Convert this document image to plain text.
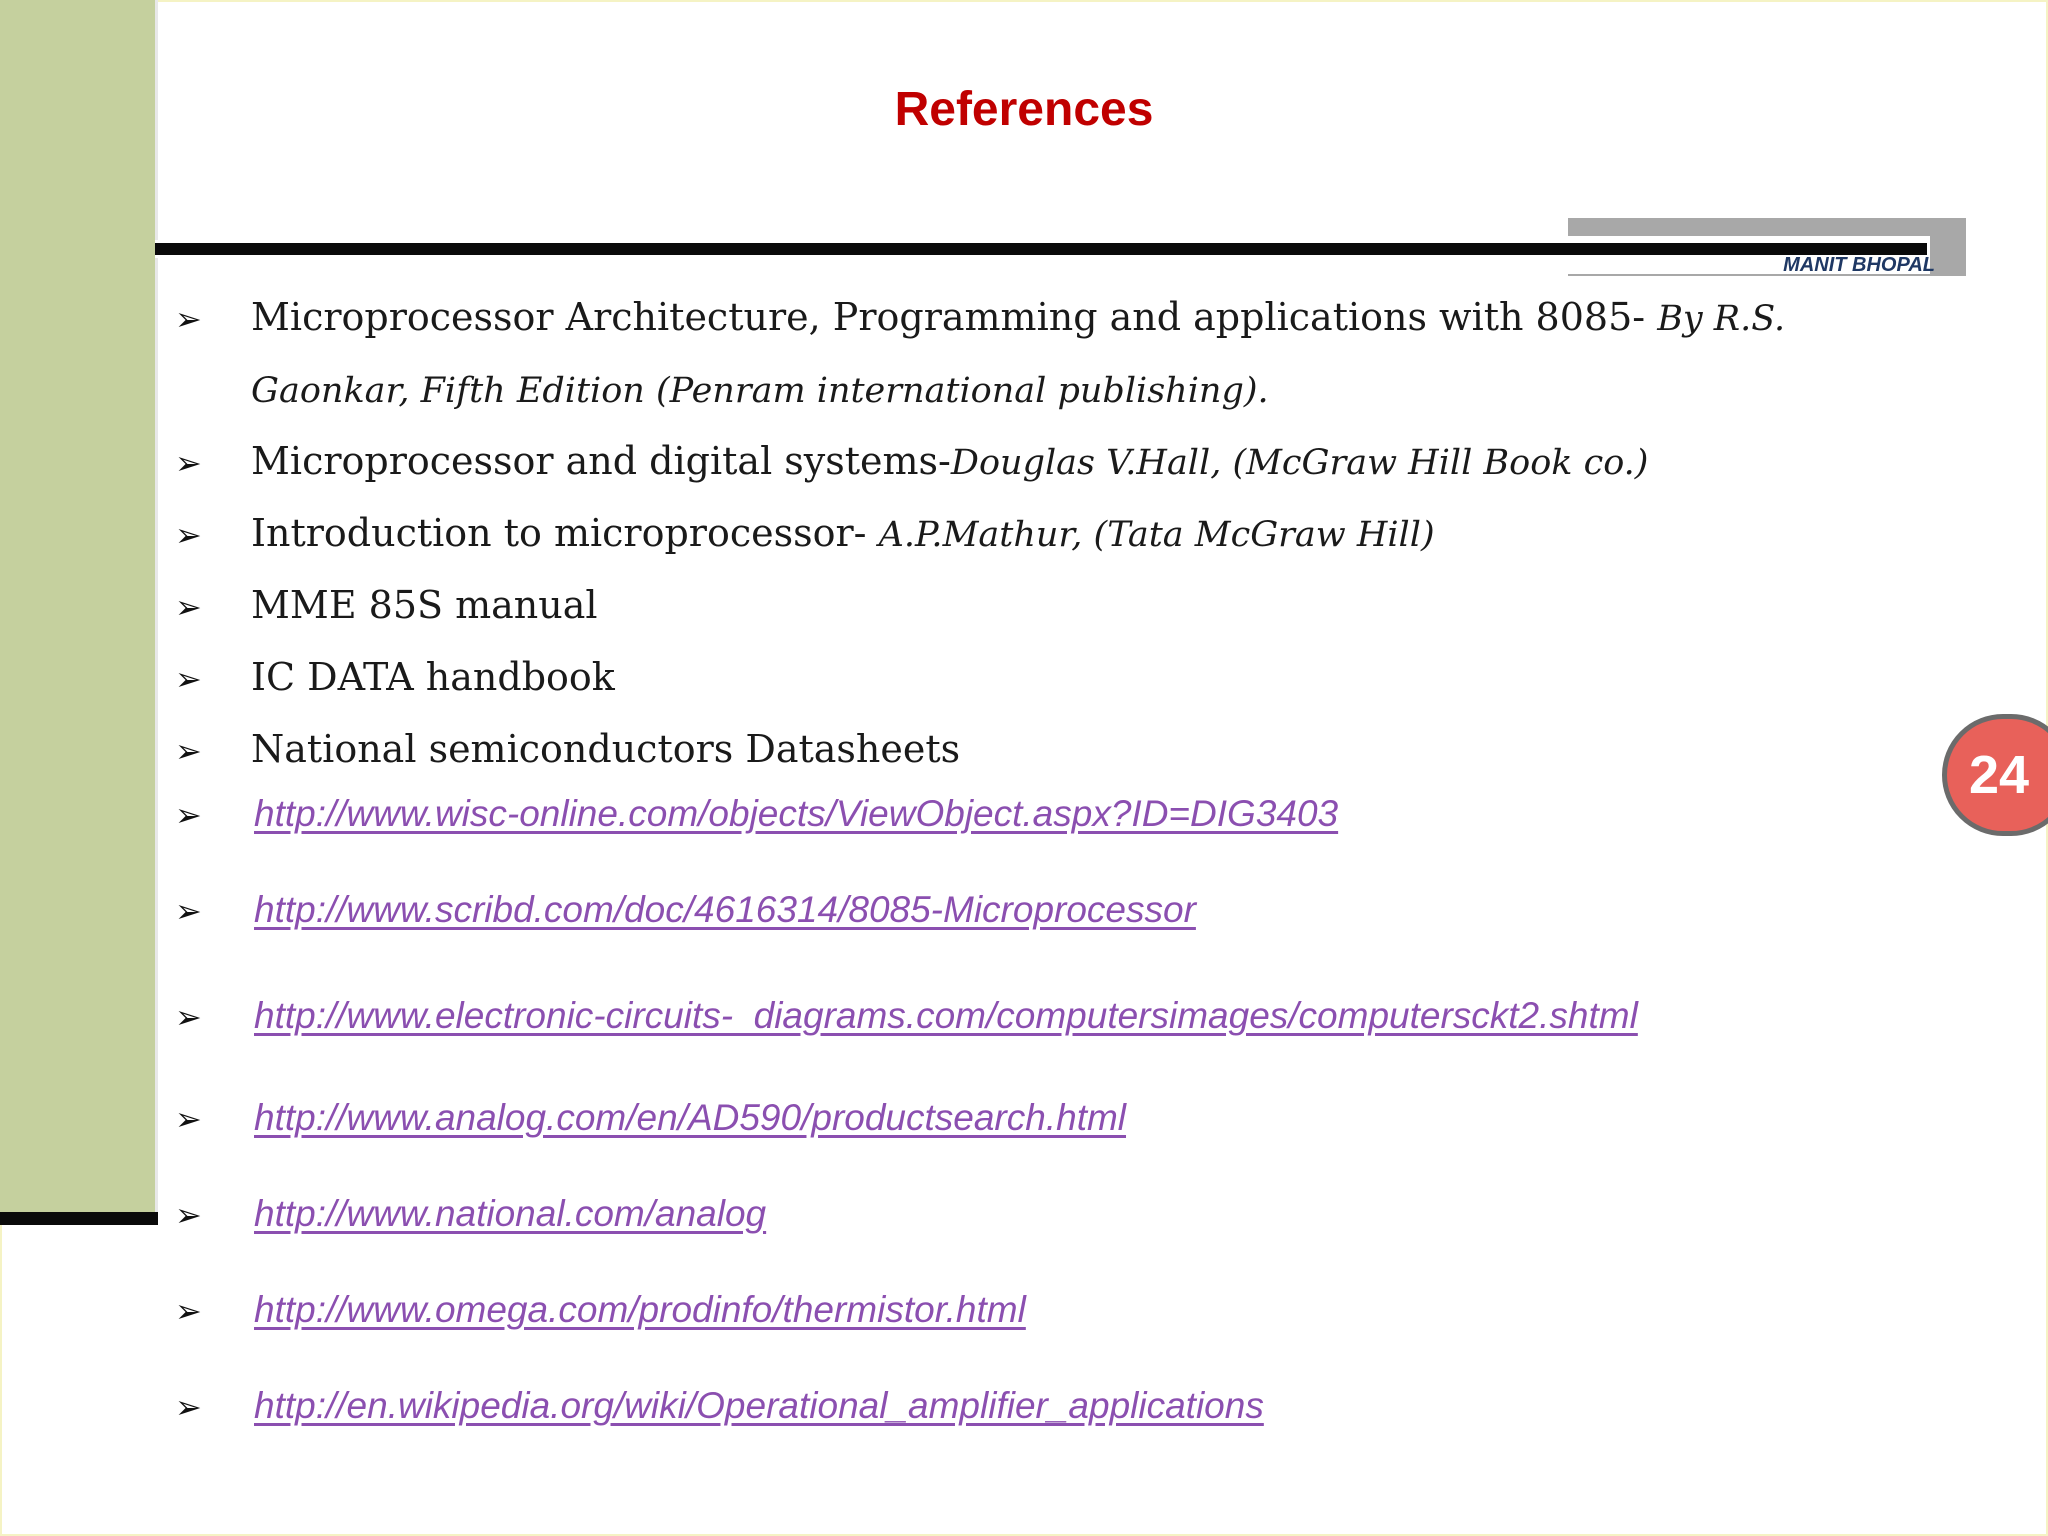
References
MANIT BHOPAL
24
➢	Microprocessor Architecture, Programming and applications with 8085- By R.S.
Gaonkar, Fifth Edition (Penram international publishing).
➢	Microprocessor and digital systems-Douglas V.Hall, (McGraw Hill Book co.)
➢	Introduction to microprocessor- A.P.Mathur, (Tata McGraw Hill)
➢	MME 85S manual
➢	IC DATA handbook
➢	National semiconductors Datasheets
➢	http://www.wisc-online.com/objects/ViewObject.aspx?ID=DIG3403
➢	http://www.scribd.com/doc/4616314/8085-Microprocessor
➢	http://www.electronic-circuits-  diagrams.com/computersimages/computersckt2.shtml
➢	http://www.analog.com/en/AD590/productsearch.html
➢	http://www.national.com/analog
➢	http://www.omega.com/prodinfo/thermistor.html
➢	http://en.wikipedia.org/wiki/Operational_amplifier_applications
